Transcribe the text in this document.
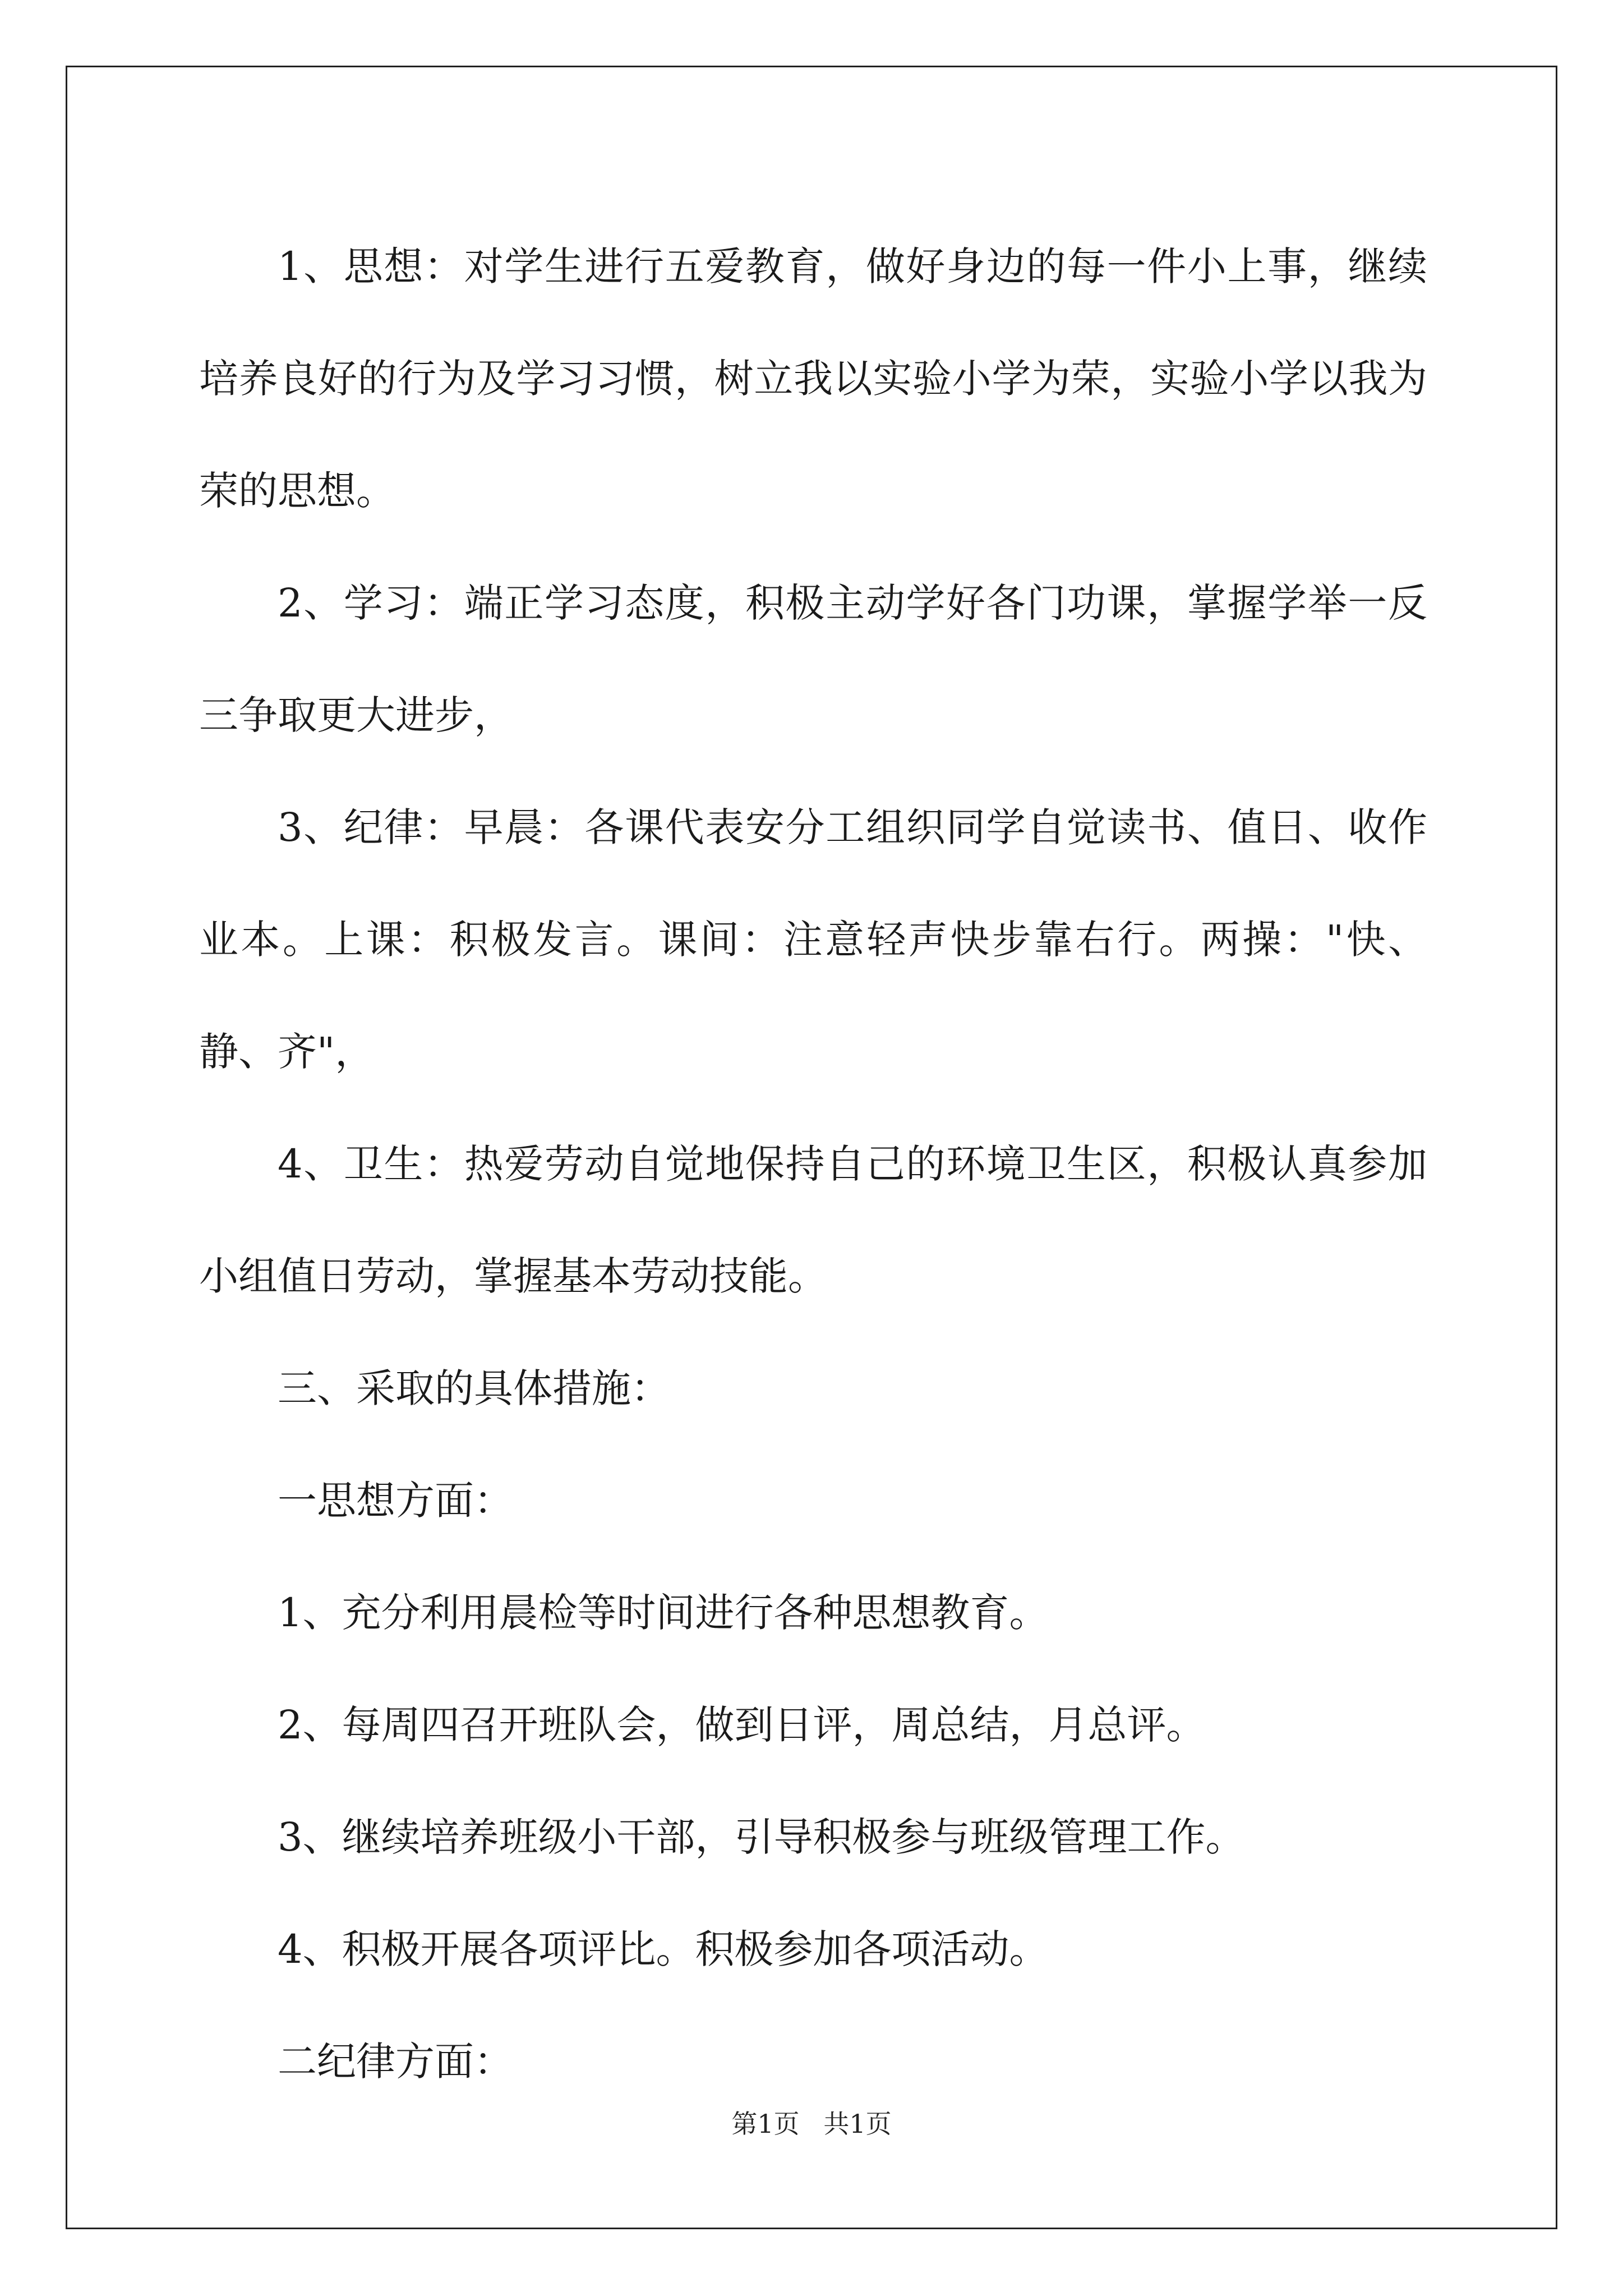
1、思想：对学生进行五爱教育，做好身边的每一件小上事，继续培养良好的行为及学习习惯，树立我以实验小学为荣，实验小学以我为荣的思想。

2、学习：端正学习态度，积极主动学好各门功课，掌握学举一反三争取更大进步，

3、纪律：早晨：各课代表安分工组织同学自觉读书、值日、收作业本。上课：积极发言。课间：注意轻声快步靠右行。两操："快、静、齐"，

4、卫生：热爱劳动自觉地保持自己的环境卫生区，积极认真参加小组值日劳动，掌握基本劳动技能。

三、采取的具体措施：

一思想方面：

1、充分利用晨检等时间进行各种思想教育。

2、每周四召开班队会，做到日评，周总结，月总评。

3、继续培养班级小干部，引导积极参与班级管理工作。

4、积极开展各项评比。积极参加各项活动。

二纪律方面：

第1页 共1页
